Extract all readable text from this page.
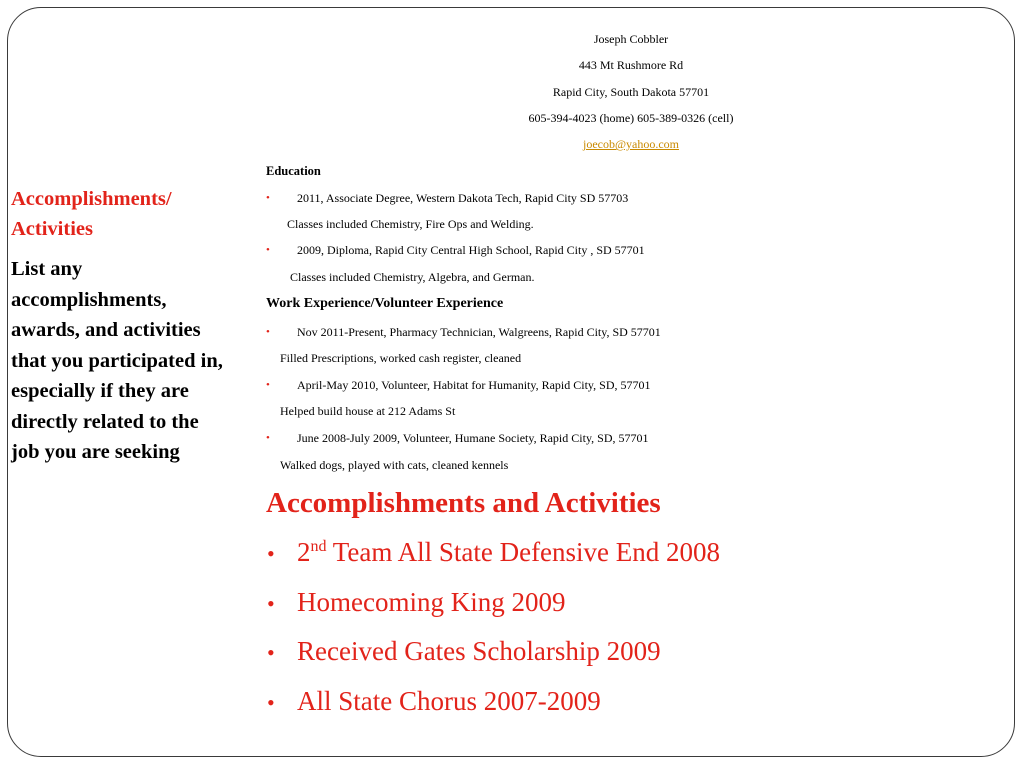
Accomplishments/ Activities
List any accomplishments, awards, and activities that you participated in, especially if they are directly related to the job you are seeking
Joseph Cobbler
443 Mt Rushmore Rd
Rapid City, South Dakota 57701
605-394-4023 (home) 605-389-0326 (cell)
joecob@yahoo.com
Education
• 2011, Associate Degree, Western Dakota Tech, Rapid City SD 57703
Classes included Chemistry, Fire Ops and Welding.
• 2009, Diploma, Rapid City Central High School, Rapid City , SD 57701
Classes included Chemistry, Algebra, and German.
Work Experience/Volunteer Experience
• Nov 2011-Present, Pharmacy Technician, Walgreens, Rapid City, SD 57701
Filled Prescriptions, worked cash register, cleaned
• April-May 2010, Volunteer, Habitat for Humanity, Rapid City, SD, 57701
Helped build house at 212 Adams St
• June 2008-July 2009, Volunteer, Humane Society, Rapid City, SD, 57701
Walked dogs, played with cats, cleaned kennels
Accomplishments and Activities
• 2nd Team All State Defensive End 2008
• Homecoming King 2009
• Received Gates Scholarship 2009
• All State Chorus 2007-2009
